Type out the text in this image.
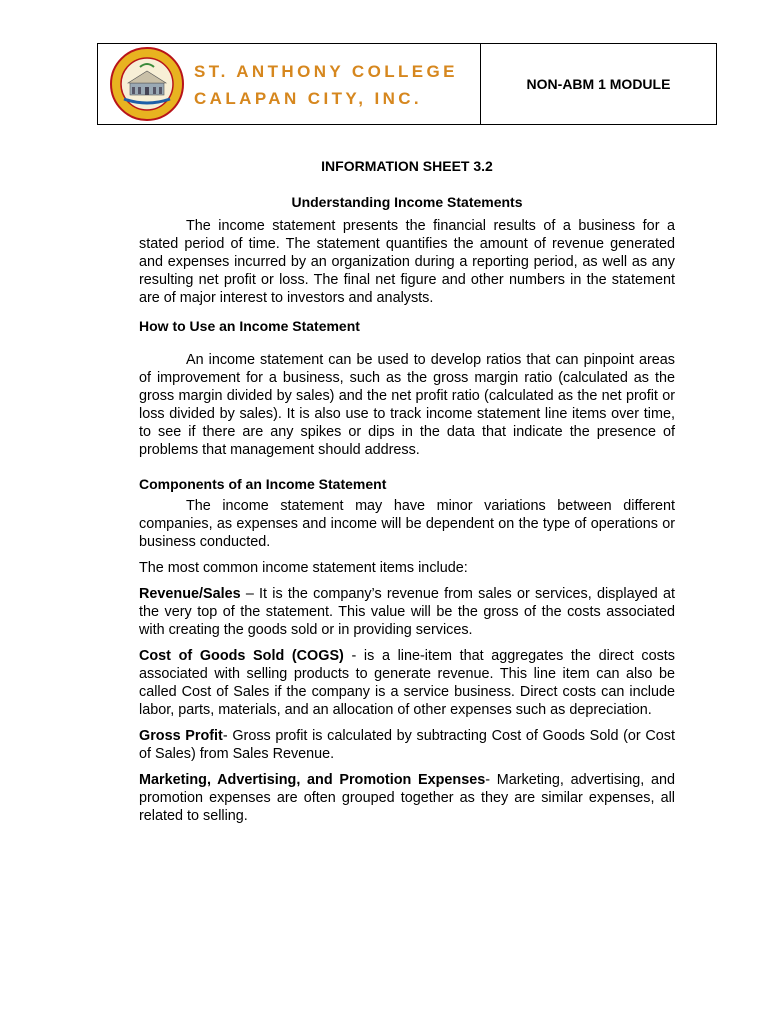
ST. ANTHONY COLLEGE
CALAPAN CITY, INC.
NON-ABM 1 MODULE
INFORMATION SHEET 3.2
Understanding Income Statements

The income statement presents the financial results of a business for a stated period of time. The statement quantifies the amount of revenue generated and expenses incurred by an organization during a reporting period, as well as any resulting net profit or loss. The final net figure and other numbers in the statement are of major interest to investors and analysts.

How to Use an Income Statement

An income statement can be used to develop ratios that can pinpoint areas of improvement for a business, such as the gross margin ratio (calculated as the gross margin divided by sales) and the net profit ratio (calculated as the net profit or loss divided by sales). It is also use to track income statement line items over time, to see if there are any spikes or dips in the data that indicate the presence of problems that management should address.

Components of an Income Statement

The income statement may have minor variations between different companies, as expenses and income will be dependent on the type of operations or business conducted.

The most common income statement items include:

Revenue/Sales – It is the company’s revenue from sales or services, displayed at the very top of the statement. This value will be the gross of the costs associated with creating the goods sold or in providing services.

Cost of Goods Sold (COGS) - is a line-item that aggregates the direct costs associated with selling products to generate revenue. This line item can also be called Cost of Sales if the company is a service business. Direct costs can include labor, parts, materials, and an allocation of other expenses such as depreciation.

Gross Profit- Gross profit is calculated by subtracting Cost of Goods Sold (or Cost of Sales) from Sales Revenue.

Marketing, Advertising, and Promotion Expenses- Marketing, advertising, and promotion expenses are often grouped together as they are similar expenses, all related to selling.
